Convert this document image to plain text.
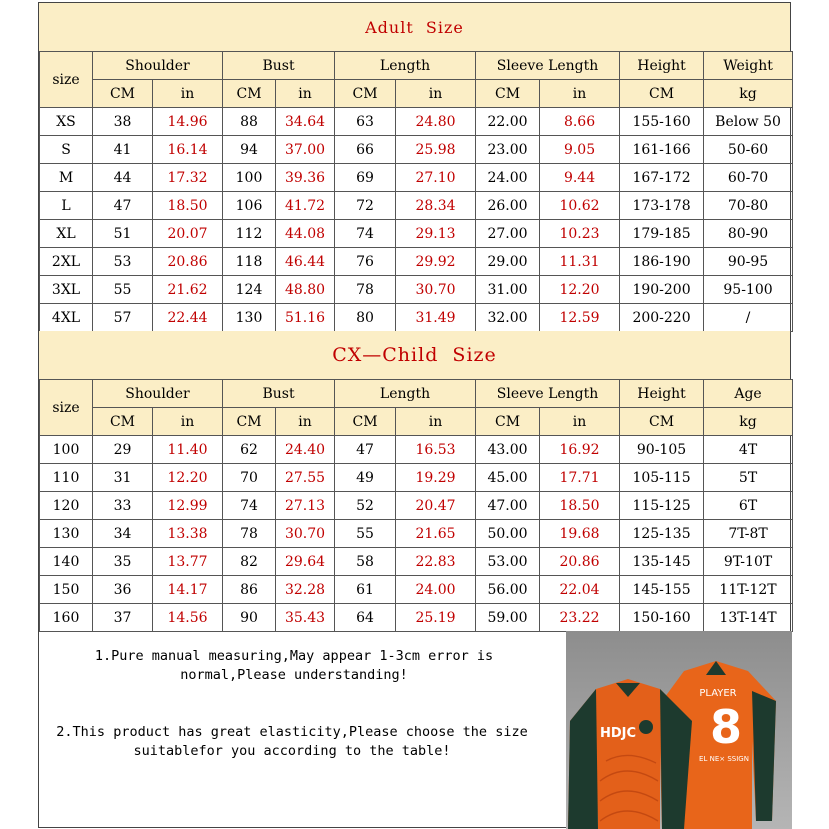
Adult  Size
size	Shoulder		Bust		Length		Sleeve Length		Height	Weight
	CM	in	CM	in	CM	in	CM	in	CM	kg
XS	38	14.96	88	34.64	63	24.80	22.00	8.66	155-160	Below 50
S	41	16.14	94	37.00	66	25.98	23.00	9.05	161-166	50-60
M	44	17.32	100	39.36	69	27.10	24.00	9.44	167-172	60-70
L	47	18.50	106	41.72	72	28.34	26.00	10.62	173-178	70-80
XL	51	20.07	112	44.08	74	29.13	27.00	10.23	179-185	80-90
2XL	53	20.86	118	46.44	76	29.92	29.00	11.31	186-190	90-95
3XL	55	21.62	124	48.80	78	30.70	31.00	12.20	190-200	95-100
4XL	57	22.44	130	51.16	80	31.49	32.00	12.59	200-220	/
CX—Child  Size
size	Shoulder		Bust		Length		Sleeve Length		Height	Age
	CM	in	CM	in	CM	in	CM	in	CM	kg
100	29	11.40	62	24.40	47	16.53	43.00	16.92	90-105	4T
110	31	12.20	70	27.55	49	19.29	45.00	17.71	105-115	5T
120	33	12.99	74	27.13	52	20.47	47.00	18.50	115-125	6T
130	34	13.38	78	30.70	55	21.65	50.00	19.68	125-135	7T-8T
140	35	13.77	82	29.64	58	22.83	53.00	20.86	135-145	9T-10T
150	36	14.17	86	32.28	61	24.00	56.00	22.04	145-155	11T-12T
160	37	14.56	90	35.43	64	25.19	59.00	23.22	150-160	13T-14T
1.Pure manual measuring,May appear 1-3cm error is normal,Please understanding!
2.This product has great elasticity,Please choose the size suitablefor you according to the table!
PLAYER
8
EL NE× SSIGN
HDJC
